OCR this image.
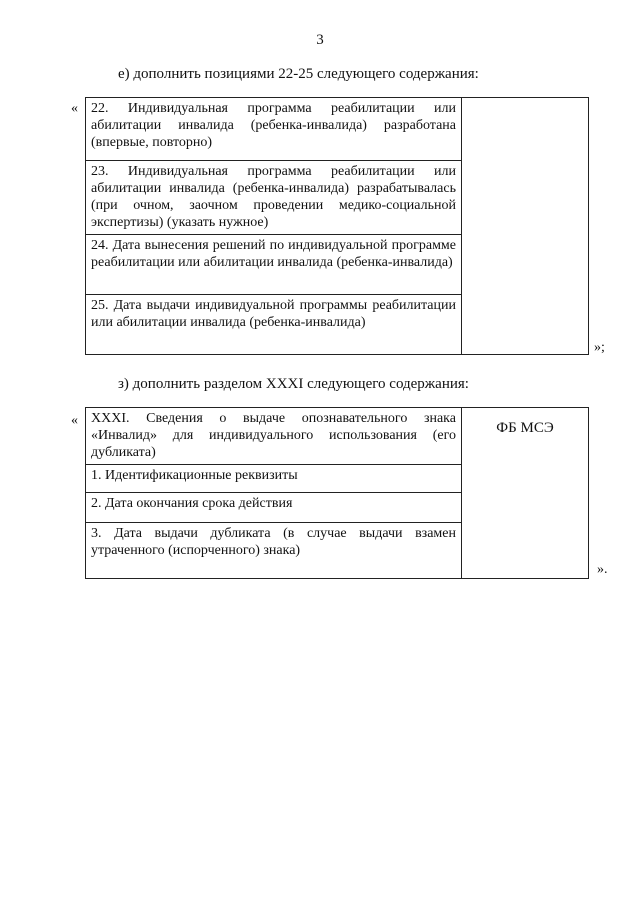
3
е) дополнить позициями 22-25 следующего содержания:
« 22. Индивидуальная программа реабилитации или абилитации инвалида (ребенка-инвалида) разработана (впервые, повторно)	
23. Индивидуальная программа реабилитации или абилитации инвалида (ребенка-инвалида) разрабатывалась (при очном, заочном проведении медико-социальной экспертизы) (указать нужное)
24. Дата вынесения решений по индивидуальной программе реабилитации или абилитации инвалида (ребенка-инвалида)
25. Дата выдачи индивидуальной программы реабилитации или абилитации инвалида (ребенка-инвалида)
»;
з) дополнить разделом XXXI следующего содержания:
« XXXI. Сведения о выдаче опознавательного знака «Инвалид» для индивидуального использования (его дубликата)	ФБ МСЭ
1. Идентификационные реквизиты
2. Дата окончания срока действия
3. Дата выдачи дубликата (в случае выдачи взамен утраченного (испорченного) знака)
».
